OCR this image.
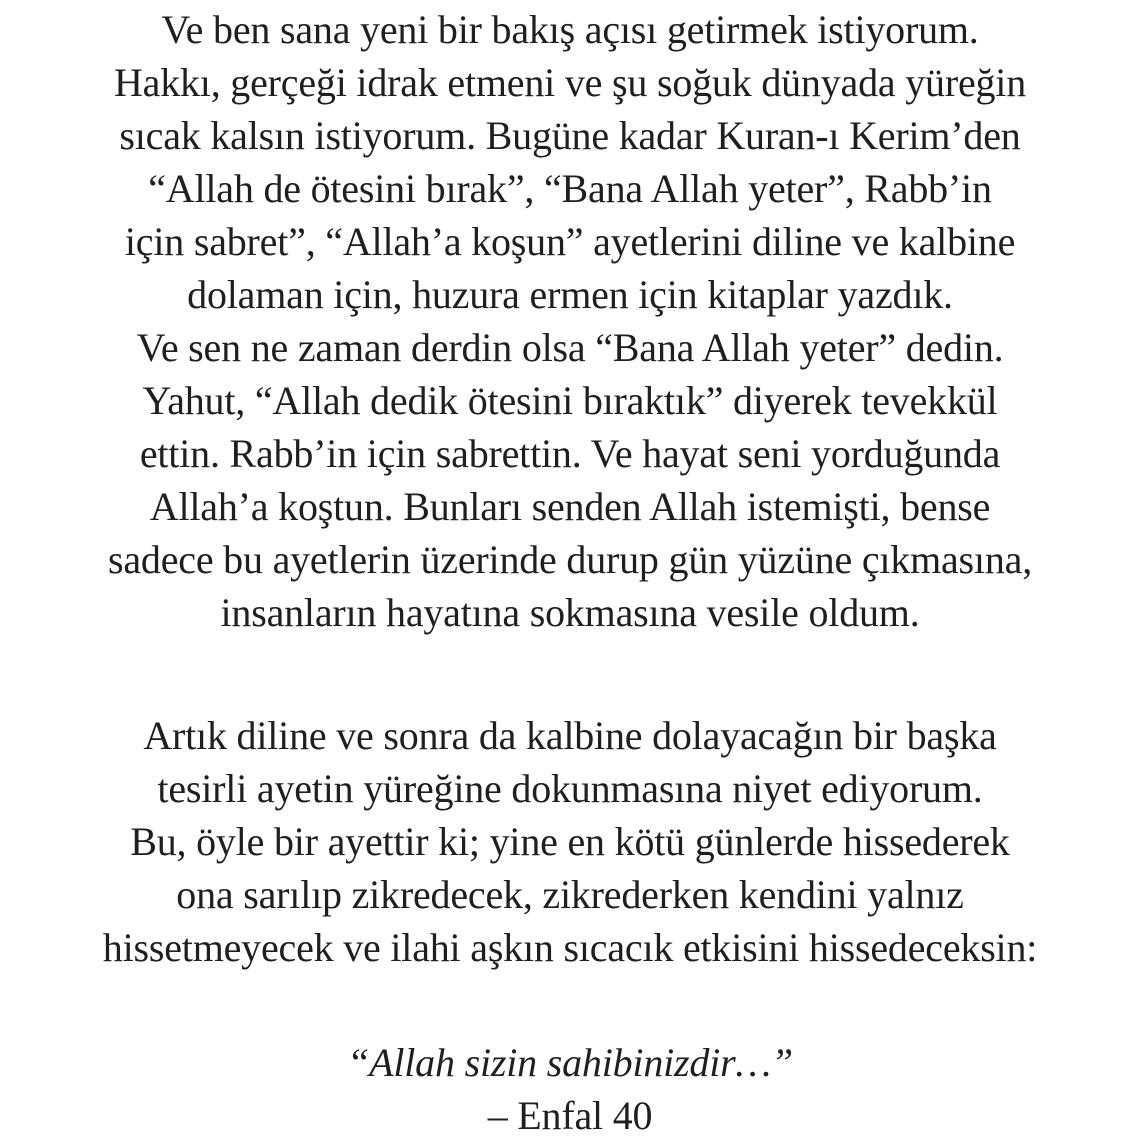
Ve ben sana yeni bir bakış açısı getirmek istiyorum.
Hakkı, gerçeği idrak etmeni ve şu soğuk dünyada yüreğin
sıcak kalsın istiyorum. Bugüne kadar Kuran-ı Kerim’den
“Allah de ötesini bırak”, “Bana Allah yeter”, Rabb’in
için sabret”, “Allah’a koşun” ayetlerini diline ve kalbine
dolaman için, huzura ermen için kitaplar yazdık.
Ve sen ne zaman derdin olsa “Bana Allah yeter” dedin.
Yahut, “Allah dedik ötesini bıraktık” diyerek tevekkül
ettin. Rabb’in için sabrettin. Ve hayat seni yorduğunda
Allah’a koştun. Bunları senden Allah istemişti, bense
sadece bu ayetlerin üzerinde durup gün yüzüne çıkmasına,
insanların hayatına sokmasına vesile oldum.
Artık diline ve sonra da kalbine dolayacağın bir başka
tesirli ayetin yüreğine dokunmasına niyet ediyorum.
Bu, öyle bir ayettir ki; yine en kötü günlerde hissederek
ona sarılıp zikredecek, zikrederken kendini yalnız
hissetmeyecek ve ilahi aşkın sıcacık etkisini hissedeceksin:
“Allah sizin sahibinizdir…”
– Enfal 40
